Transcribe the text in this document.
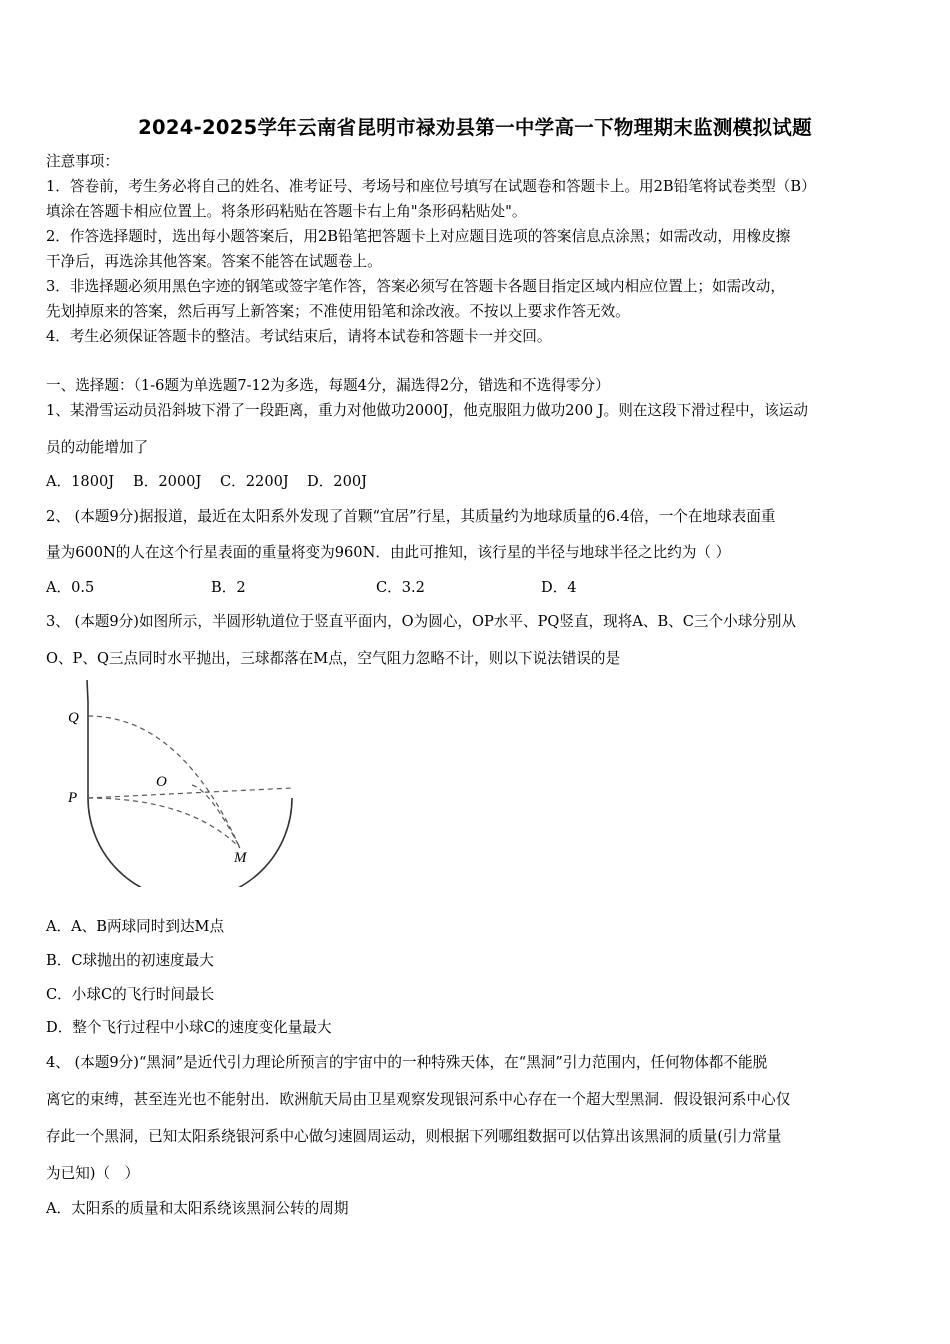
2024-2025学年云南省昆明市禄劝县第一中学高一下物理期末监测模拟试题
注意事项：
1．答卷前，考生务必将自己的姓名、准考证号、考场号和座位号填写在试题卷和答题卡上。用2B铅笔将试卷类型（B）
填涂在答题卡相应位置上。将条形码粘贴在答题卡右上角"条形码粘贴处"。
2．作答选择题时，选出每小题答案后，用2B铅笔把答题卡上对应题目选项的答案信息点涂黑；如需改动，用橡皮擦
干净后，再选涂其他答案。答案不能答在试题卷上。
3．非选择题必须用黑色字迹的钢笔或签字笔作答，答案必须写在答题卡各题目指定区域内相应位置上；如需改动，
先划掉原来的答案，然后再写上新答案；不准使用铅笔和涂改液。不按以上要求作答无效。
4．考生必须保证答题卡的整洁。考试结束后，请将本试卷和答题卡一并交回。
一、选择题：（1-6题为单选题7-12为多选，每题4分，漏选得2分，错选和不选得零分）
1、某滑雪运动员沿斜坡下滑了一段距离，重力对他做功2000J，他克服阻力做功200 J。则在这段下滑过程中，该运动
员的动能增加了
A．1800J B．2000J C．2200J D．200J
2、 (本题9分)据报道，最近在太阳系外发现了首颗“宜居”行星，其质量约为地球质量的6.4倍，一个在地球表面重
量为600N的人在这个行星表面的重量将变为960N．由此可推知，该行星的半径与地球半径之比约为（ ）
A．0.5	B．2	C．3.2	D．4
3、 (本题9分)如图所示，半圆形轨道位于竖直平面内，O为圆心，OP水平、PQ竖直，现将A、B、C三个小球分别从
O、P、Q三点同时水平抛出，三球都落在M点，空气阻力忽略不计，则以下说法错误的是
Q
P
O
M
A．A、B两球同时到达M点
B．C球抛出的初速度最大
C．小球C的飞行时间最长
D．整个飞行过程中小球C的速度变化量最大
4、 (本题9分)“黑洞”是近代引力理论所预言的宇宙中的一种特殊天体，在“黑洞”引力范围内，任何物体都不能脱
离它的束缚，甚至连光也不能射出．欧洲航天局由卫星观察发现银河系中心存在一个超大型黑洞．假设银河系中心仅
存此一个黑洞，已知太阳系绕银河系中心做匀速圆周运动，则根据下列哪组数据可以估算出该黑洞的质量(引力常量
为已知)（　）
A．太阳系的质量和太阳系绕该黑洞公转的周期
